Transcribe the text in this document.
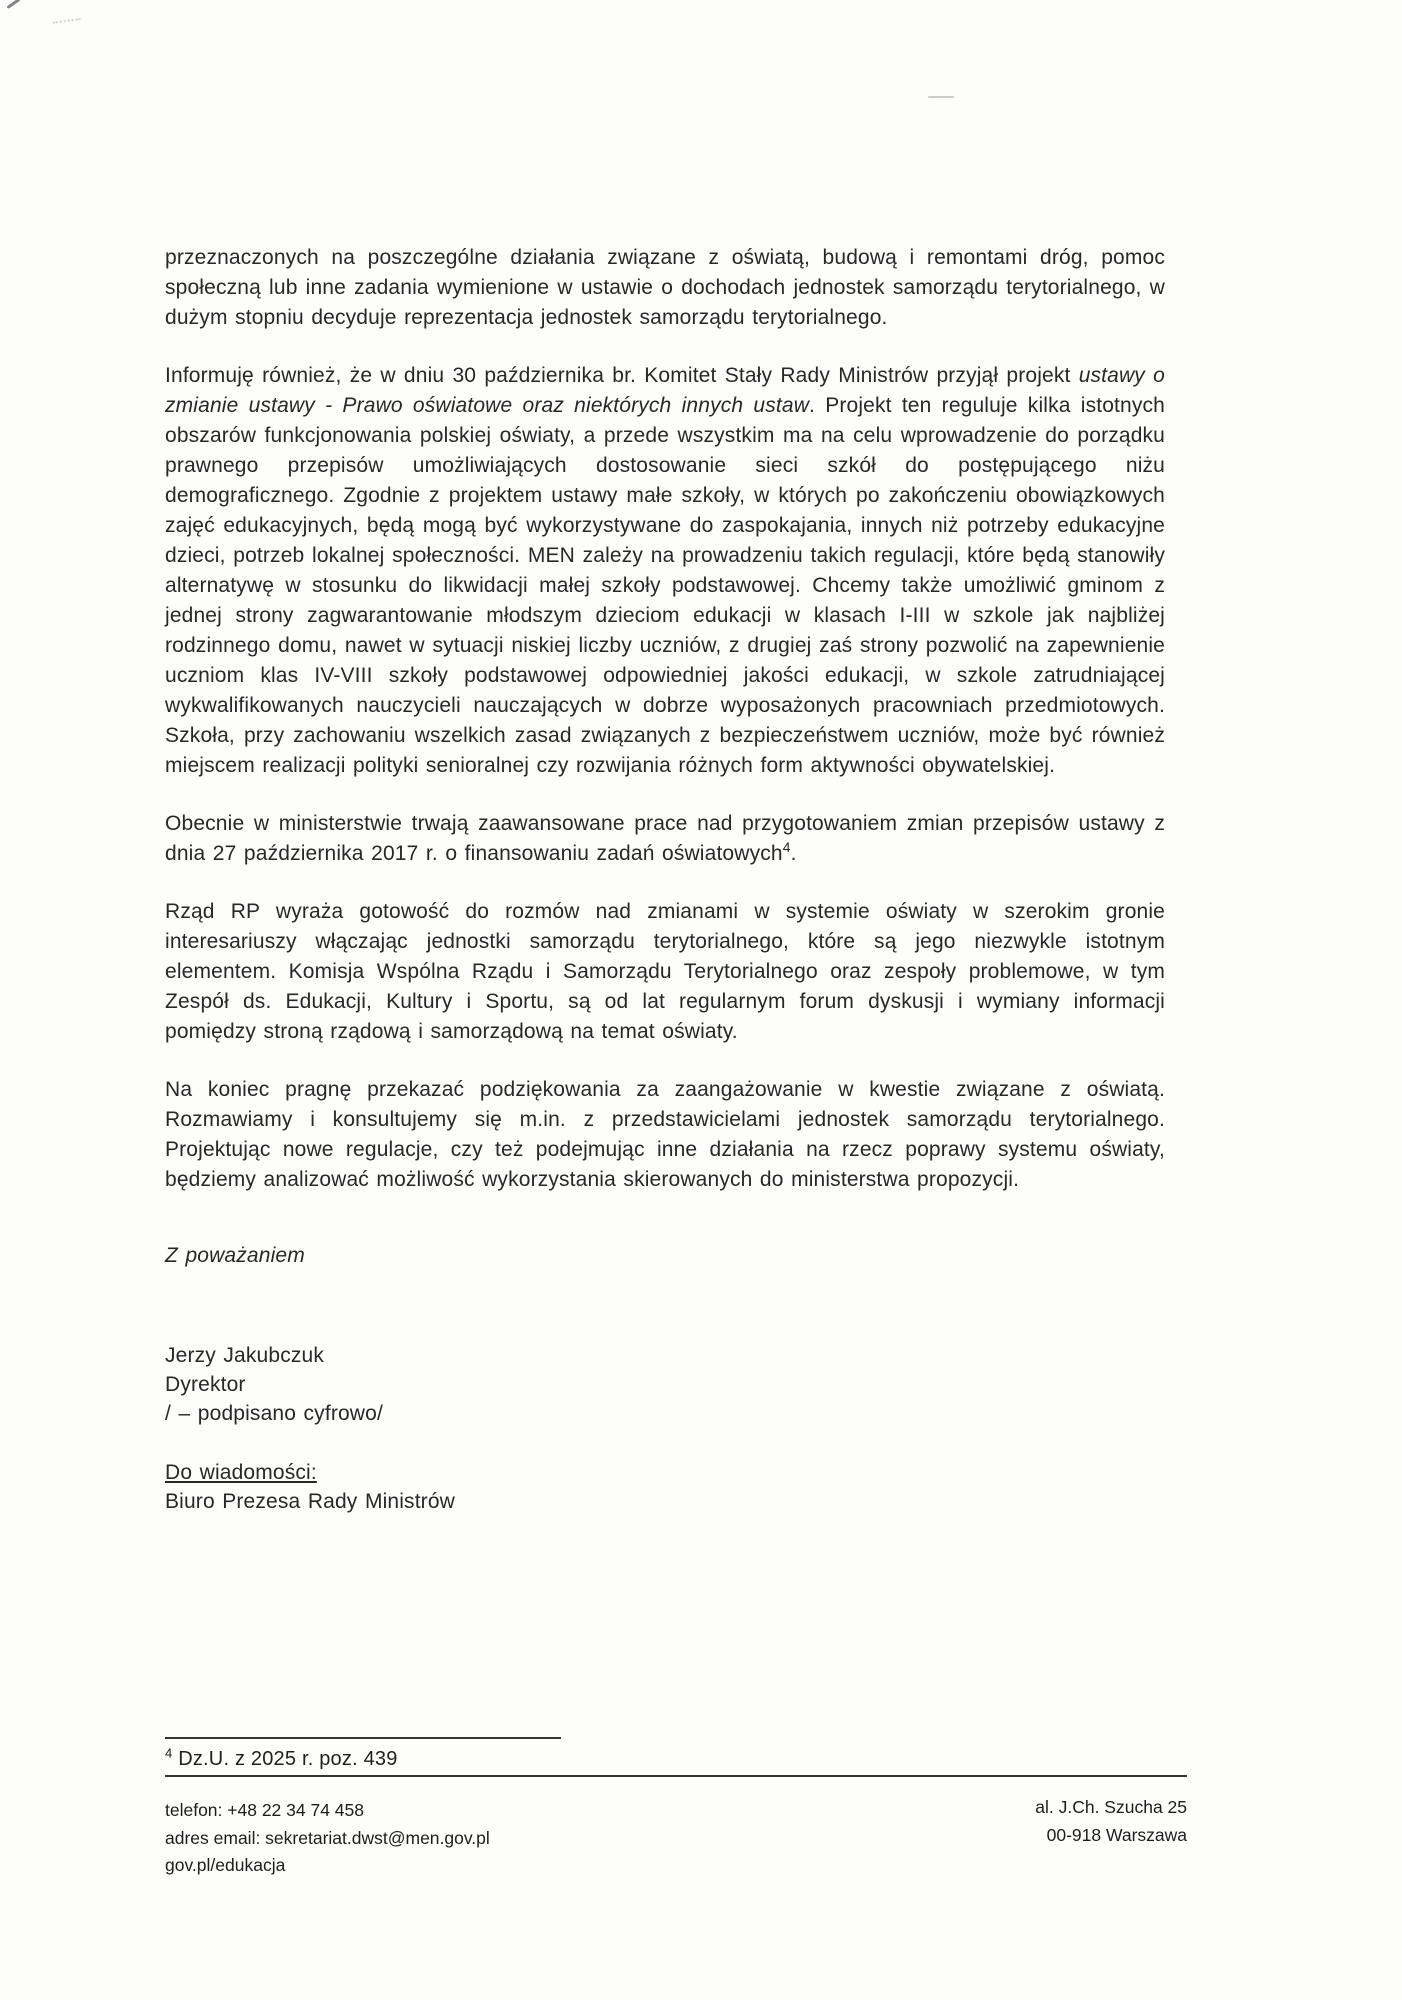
przeznaczonych na poszczególne działania związane z oświatą, budową i remontami dróg, pomoc społeczną lub inne zadania wymienione w ustawie o dochodach jednostek samorządu terytorialnego, w dużym stopniu decyduje reprezentacja jednostek samorządu terytorialnego.

Informuję również, że w dniu 30 października br. Komitet Stały Rady Ministrów przyjął projekt ustawy o zmianie ustawy - Prawo oświatowe oraz niektórych innych ustaw. Projekt ten reguluje kilka istotnych obszarów funkcjonowania polskiej oświaty, a przede wszystkim ma na celu wprowadzenie do porządku prawnego przepisów umożliwiających dostosowanie sieci szkół do postępującego niżu demograficznego. Zgodnie z projektem ustawy małe szkoły, w których po zakończeniu obowiązkowych zajęć edukacyjnych, będą mogą być wykorzystywane do zaspokajania, innych niż potrzeby edukacyjne dzieci, potrzeb lokalnej społeczności. MEN zależy na prowadzeniu takich regulacji, które będą stanowiły alternatywę w stosunku do likwidacji małej szkoły podstawowej. Chcemy także umożliwić gminom z jednej strony zagwarantowanie młodszym dzieciom edukacji w klasach I-III w szkole jak najbliżej rodzinnego domu, nawet w sytuacji niskiej liczby uczniów, z drugiej zaś strony pozwolić na zapewnienie uczniom klas IV-VIII szkoły podstawowej odpowiedniej jakości edukacji, w szkole zatrudniającej wykwalifikowanych nauczycieli nauczających w dobrze wyposażonych pracowniach przedmiotowych. Szkoła, przy zachowaniu wszelkich zasad związanych z bezpieczeństwem uczniów, może być również miejscem realizacji polityki senioralnej czy rozwijania różnych form aktywności obywatelskiej.

Obecnie w ministerstwie trwają zaawansowane prace nad przygotowaniem zmian przepisów ustawy z dnia 27 października 2017 r. o finansowaniu zadań oświatowych$^4$.

Rząd RP wyraża gotowość do rozmów nad zmianami w systemie oświaty w szerokim gronie interesariuszy włączając jednostki samorządu terytorialnego, które są jego niezwykle istotnym elementem. Komisja Wspólna Rządu i Samorządu Terytorialnego oraz zespoły problemowe, w tym Zespół ds. Edukacji, Kultury i Sportu, są od lat regularnym forum dyskusji i wymiany informacji pomiędzy stroną rządową i samorządową na temat oświaty.

Na koniec pragnę przekazać podziękowania za zaangażowanie w kwestie związane z oświatą. Rozmawiamy i konsultujemy się m.in. z przedstawicielami jednostek samorządu terytorialnego. Projektując nowe regulacje, czy też podejmując inne działania na rzecz poprawy systemu oświaty, będziemy analizować możliwość wykorzystania skierowanych do ministerstwa propozycji.

Z poważaniem

Jerzy Jakubczuk
Dyrektor
/ – podpisano cyfrowo/
Do wiadomości:
Biuro Prezesa Rady Ministrów
$^4$ Dz.U. z 2025 r. poz. 439
telefon: +48 22 34 74 458
adres email: sekretariat.dwst@men.gov.pl
gov.pl/edukacja
al. J.Ch. Szucha 25
00-918 Warszawa
